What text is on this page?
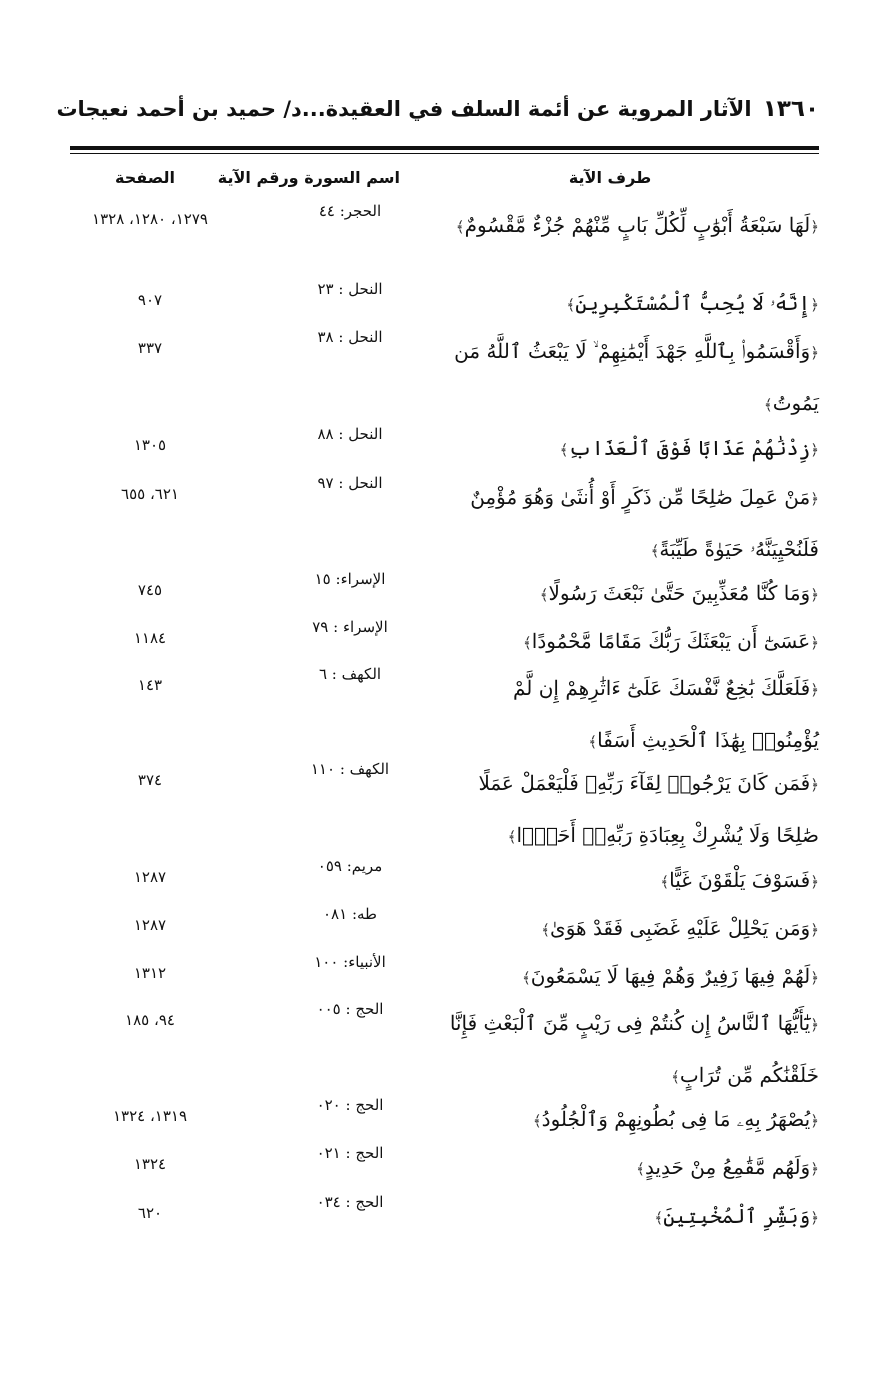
١٣٦٠ الآثار المروية عن أئمة السلف في العقيدة...د/ حميد بن أحمد نعيجات
طرف الآية
اسم السورة ورقم الآية
الصفحة
﴿لَهَا سَبْعَةُ أَبْوَٰبٍ لِّكُلِّ بَابٍ مِّنْهُمْ جُزْءٌ مَّقْسُومٌ﴾
الحجر: ٤٤
١٢٧٩، ١٢٨٠، ١٣٢٨
﴿إِنَّهُۥ لَا يُحِبُّ ٱلْمُسْتَكْبِرِينَ﴾
النحل : ٢٣
٩٠٧
﴿وَأَقْسَمُوا۟ بِٱللَّهِ جَهْدَ أَيْمَٰنِهِمْ ۙ لَا يَبْعَثُ ٱللَّهُ مَن يَمُوتُ﴾
النحل : ٣٨
٣٣٧
﴿زِدْنَٰهُمْ عَذَابًا فَوْقَ ٱلْعَذَابِ﴾
النحل : ٨٨
١٣٠٥
﴿مَنْ عَمِلَ صَٰلِحًا مِّن ذَكَرٍ أَوْ أُنثَىٰ وَهُوَ مُؤْمِنٌ فَلَنُحْيِيَنَّهُۥ حَيَوٰةً طَيِّبَةً﴾
النحل : ٩٧
٦٢١، ٦٥٥
﴿وَمَا كُنَّا مُعَذِّبِينَ حَتَّىٰ نَبْعَثَ رَسُولًا﴾
الإسراء: ١٥
٧٤٥
﴿عَسَىٰٓ أَن يَبْعَثَكَ رَبُّكَ مَقَامًا مَّحْمُودًا﴾
الإسراء : ٧٩
١١٨٤
﴿فَلَعَلَّكَ بَٰخِعٌ نَّفْسَكَ عَلَىٰٓ ءَاثَٰرِهِمْ إِن لَّمْ يُؤْمِنُوا۟ بِهَٰذَا ٱلْحَدِيثِ أَسَفًا﴾
الكهف : ٦
١٤٣
﴿فَمَن كَانَ يَرْجُوا۟ لِقَآءَ رَبِّهِۦ فَلْيَعْمَلْ عَمَلًا صَٰلِحًا وَلَا يُشْرِكْ بِعِبَادَةِ رَبِّهِۦٓ أَحَدًۢا﴾
الكهف : ١١٠
٣٧٤
﴿فَسَوْفَ يَلْقَوْنَ غَيًّا﴾
مريم: ٠٥٩
١٢٨٧
﴿وَمَن يَحْلِلْ عَلَيْهِ غَضَبِى فَقَدْ هَوَىٰ﴾
طه: ٠٨١
١٢٨٧
﴿لَهُمْ فِيهَا زَفِيرٌ وَهُمْ فِيهَا لَا يَسْمَعُونَ﴾
الأنبياء: ١٠٠
١٣١٢
﴿يَٰٓأَيُّهَا ٱلنَّاسُ إِن كُنتُمْ فِى رَيْبٍ مِّنَ ٱلْبَعْثِ فَإِنَّا خَلَقْنَٰكُم مِّن تُرَابٍ﴾
الحج : ٠٠٥
٩٤، ١٨٥
﴿يُصْهَرُ بِهِۦ مَا فِى بُطُونِهِمْ وَٱلْجُلُودُ﴾
الحج : ٠٢٠
١٣١٩، ١٣٢٤
﴿وَلَهُم مَّقَٰمِعُ مِنْ حَدِيدٍ﴾
الحج : ٠٢١
١٣٢٤
﴿وَبَشِّرِ ٱلْمُخْبِتِينَ﴾
الحج : ٠٣٤
٦٢٠
